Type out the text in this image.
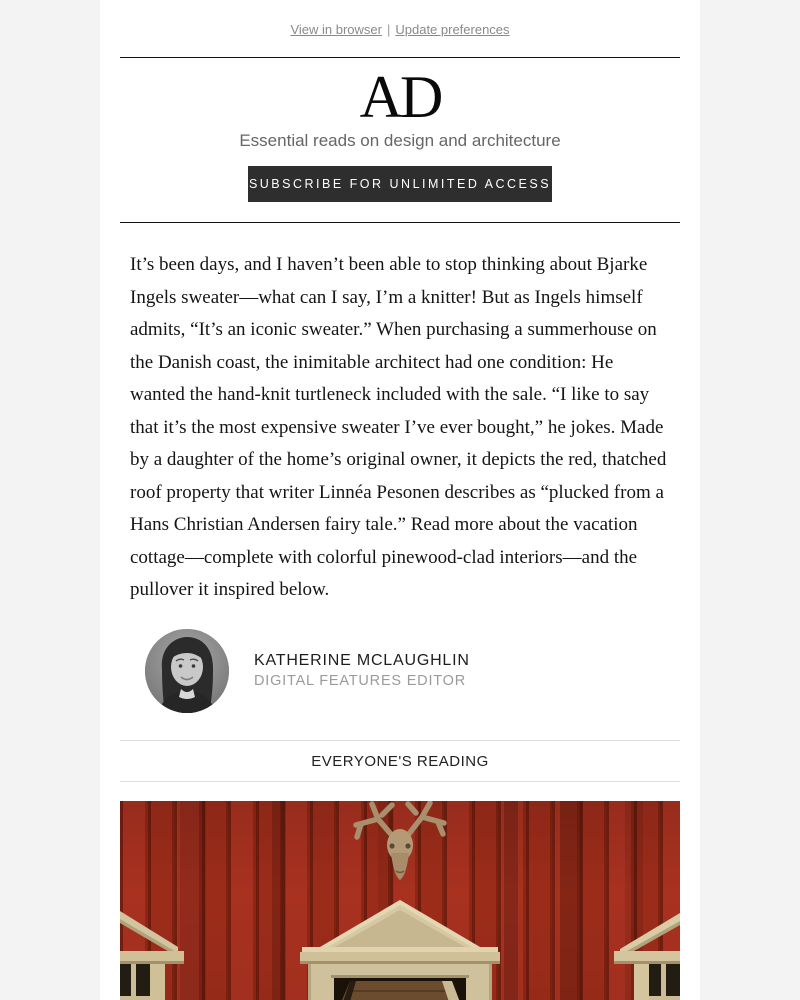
View in browser | Update preferences
AD
Essential reads on design and architecture
SUBSCRIBE FOR UNLIMITED ACCESS

It’s been days, and I haven’t been able to stop thinking about Bjarke Ingels sweater—what can I say, I’m a knitter! But as Ingels himself admits, “It’s an iconic sweater.” When purchasing a summerhouse on the Danish coast, the inimitable architect had one condition: He wanted the hand-knit turtleneck included with the sale. “I like to say that it’s the most expensive sweater I’ve ever bought,” he jokes. Made by a daughter of the home’s original owner, it depicts the red, thatched roof property that writer Linnéa Pesonen describes as “plucked from a Hans Christian Andersen fairy tale.” Read more about the vacation cottage—complete with colorful pinewood-clad interiors—and the pullover it inspired below.

KATHERINE MCLAUGHLIN
DIGITAL FEATURES EDITOR
EVERYONE'S READING
